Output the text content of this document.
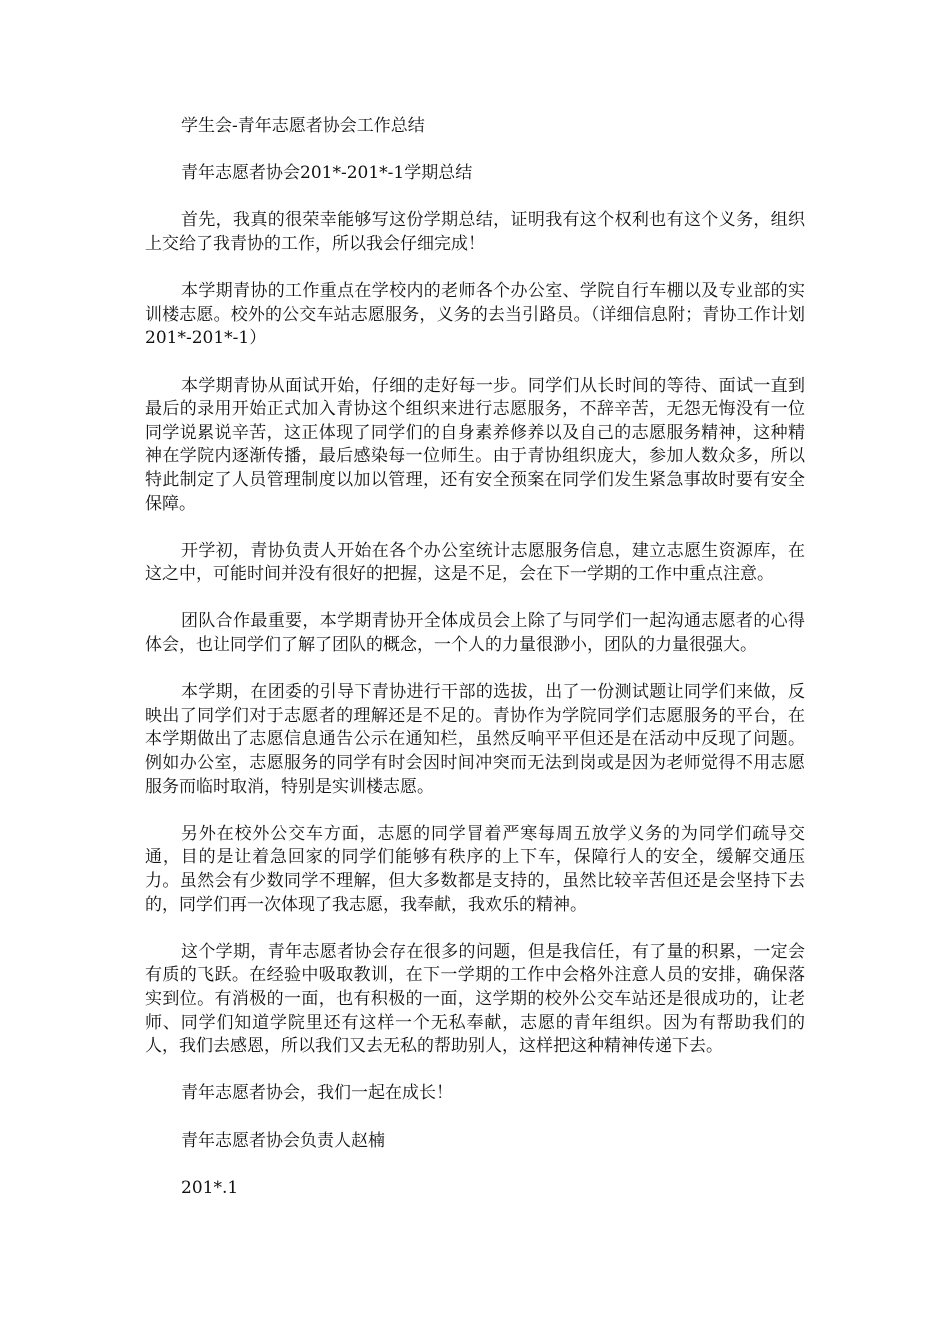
学生会-青年志愿者协会工作总结

青年志愿者协会201*-201*-1学期总结

首先，我真的很荣幸能够写这份学期总结，证明我有这个权利也有这个义务，组织上交给了我青协的工作，所以我会仔细完成！

本学期青协的工作重点在学校内的老师各个办公室、学院自行车棚以及专业部的实训楼志愿。校外的公交车站志愿服务，义务的去当引路员。（详细信息附；青协工作计划201*-201*-1）

本学期青协从面试开始，仔细的走好每一步。同学们从长时间的等待、面试一直到最后的录用开始正式加入青协这个组织来进行志愿服务，不辞辛苦，无怨无悔没有一位同学说累说辛苦，这正体现了同学们的自身素养修养以及自己的志愿服务精神，这种精神在学院内逐渐传播，最后感染每一位师生。由于青协组织庞大，参加人数众多，所以特此制定了人员管理制度以加以管理，还有安全预案在同学们发生紧急事故时要有安全保障。

开学初，青协负责人开始在各个办公室统计志愿服务信息，建立志愿生资源库，在这之中，可能时间并没有很好的把握，这是不足，会在下一学期的工作中重点注意。

团队合作最重要，本学期青协开全体成员会上除了与同学们一起沟通志愿者的心得体会，也让同学们了解了团队的概念，一个人的力量很渺小，团队的力量很强大。

本学期，在团委的引导下青协进行干部的选拔，出了一份测试题让同学们来做，反映出了同学们对于志愿者的理解还是不足的。青协作为学院同学们志愿服务的平台，在本学期做出了志愿信息通告公示在通知栏，虽然反响平平但还是在活动中反现了问题。例如办公室，志愿服务的同学有时会因时间冲突而无法到岗或是因为老师觉得不用志愿服务而临时取消，特别是实训楼志愿。

另外在校外公交车方面，志愿的同学冒着严寒每周五放学义务的为同学们疏导交通，目的是让着急回家的同学们能够有秩序的上下车，保障行人的安全，缓解交通压力。虽然会有少数同学不理解，但大多数都是支持的，虽然比较辛苦但还是会坚持下去的，同学们再一次体现了我志愿，我奉献，我欢乐的精神。

这个学期，青年志愿者协会存在很多的问题，但是我信任，有了量的积累，一定会有质的飞跃。在经验中吸取教训，在下一学期的工作中会格外注意人员的安排，确保落实到位。有消极的一面，也有积极的一面，这学期的校外公交车站还是很成功的，让老师、同学们知道学院里还有这样一个无私奉献，志愿的青年组织。因为有帮助我们的人，我们去感恩，所以我们又去无私的帮助别人，这样把这种精神传递下去。

青年志愿者协会，我们一起在成长！

青年志愿者协会负责人赵楠

201*.1
